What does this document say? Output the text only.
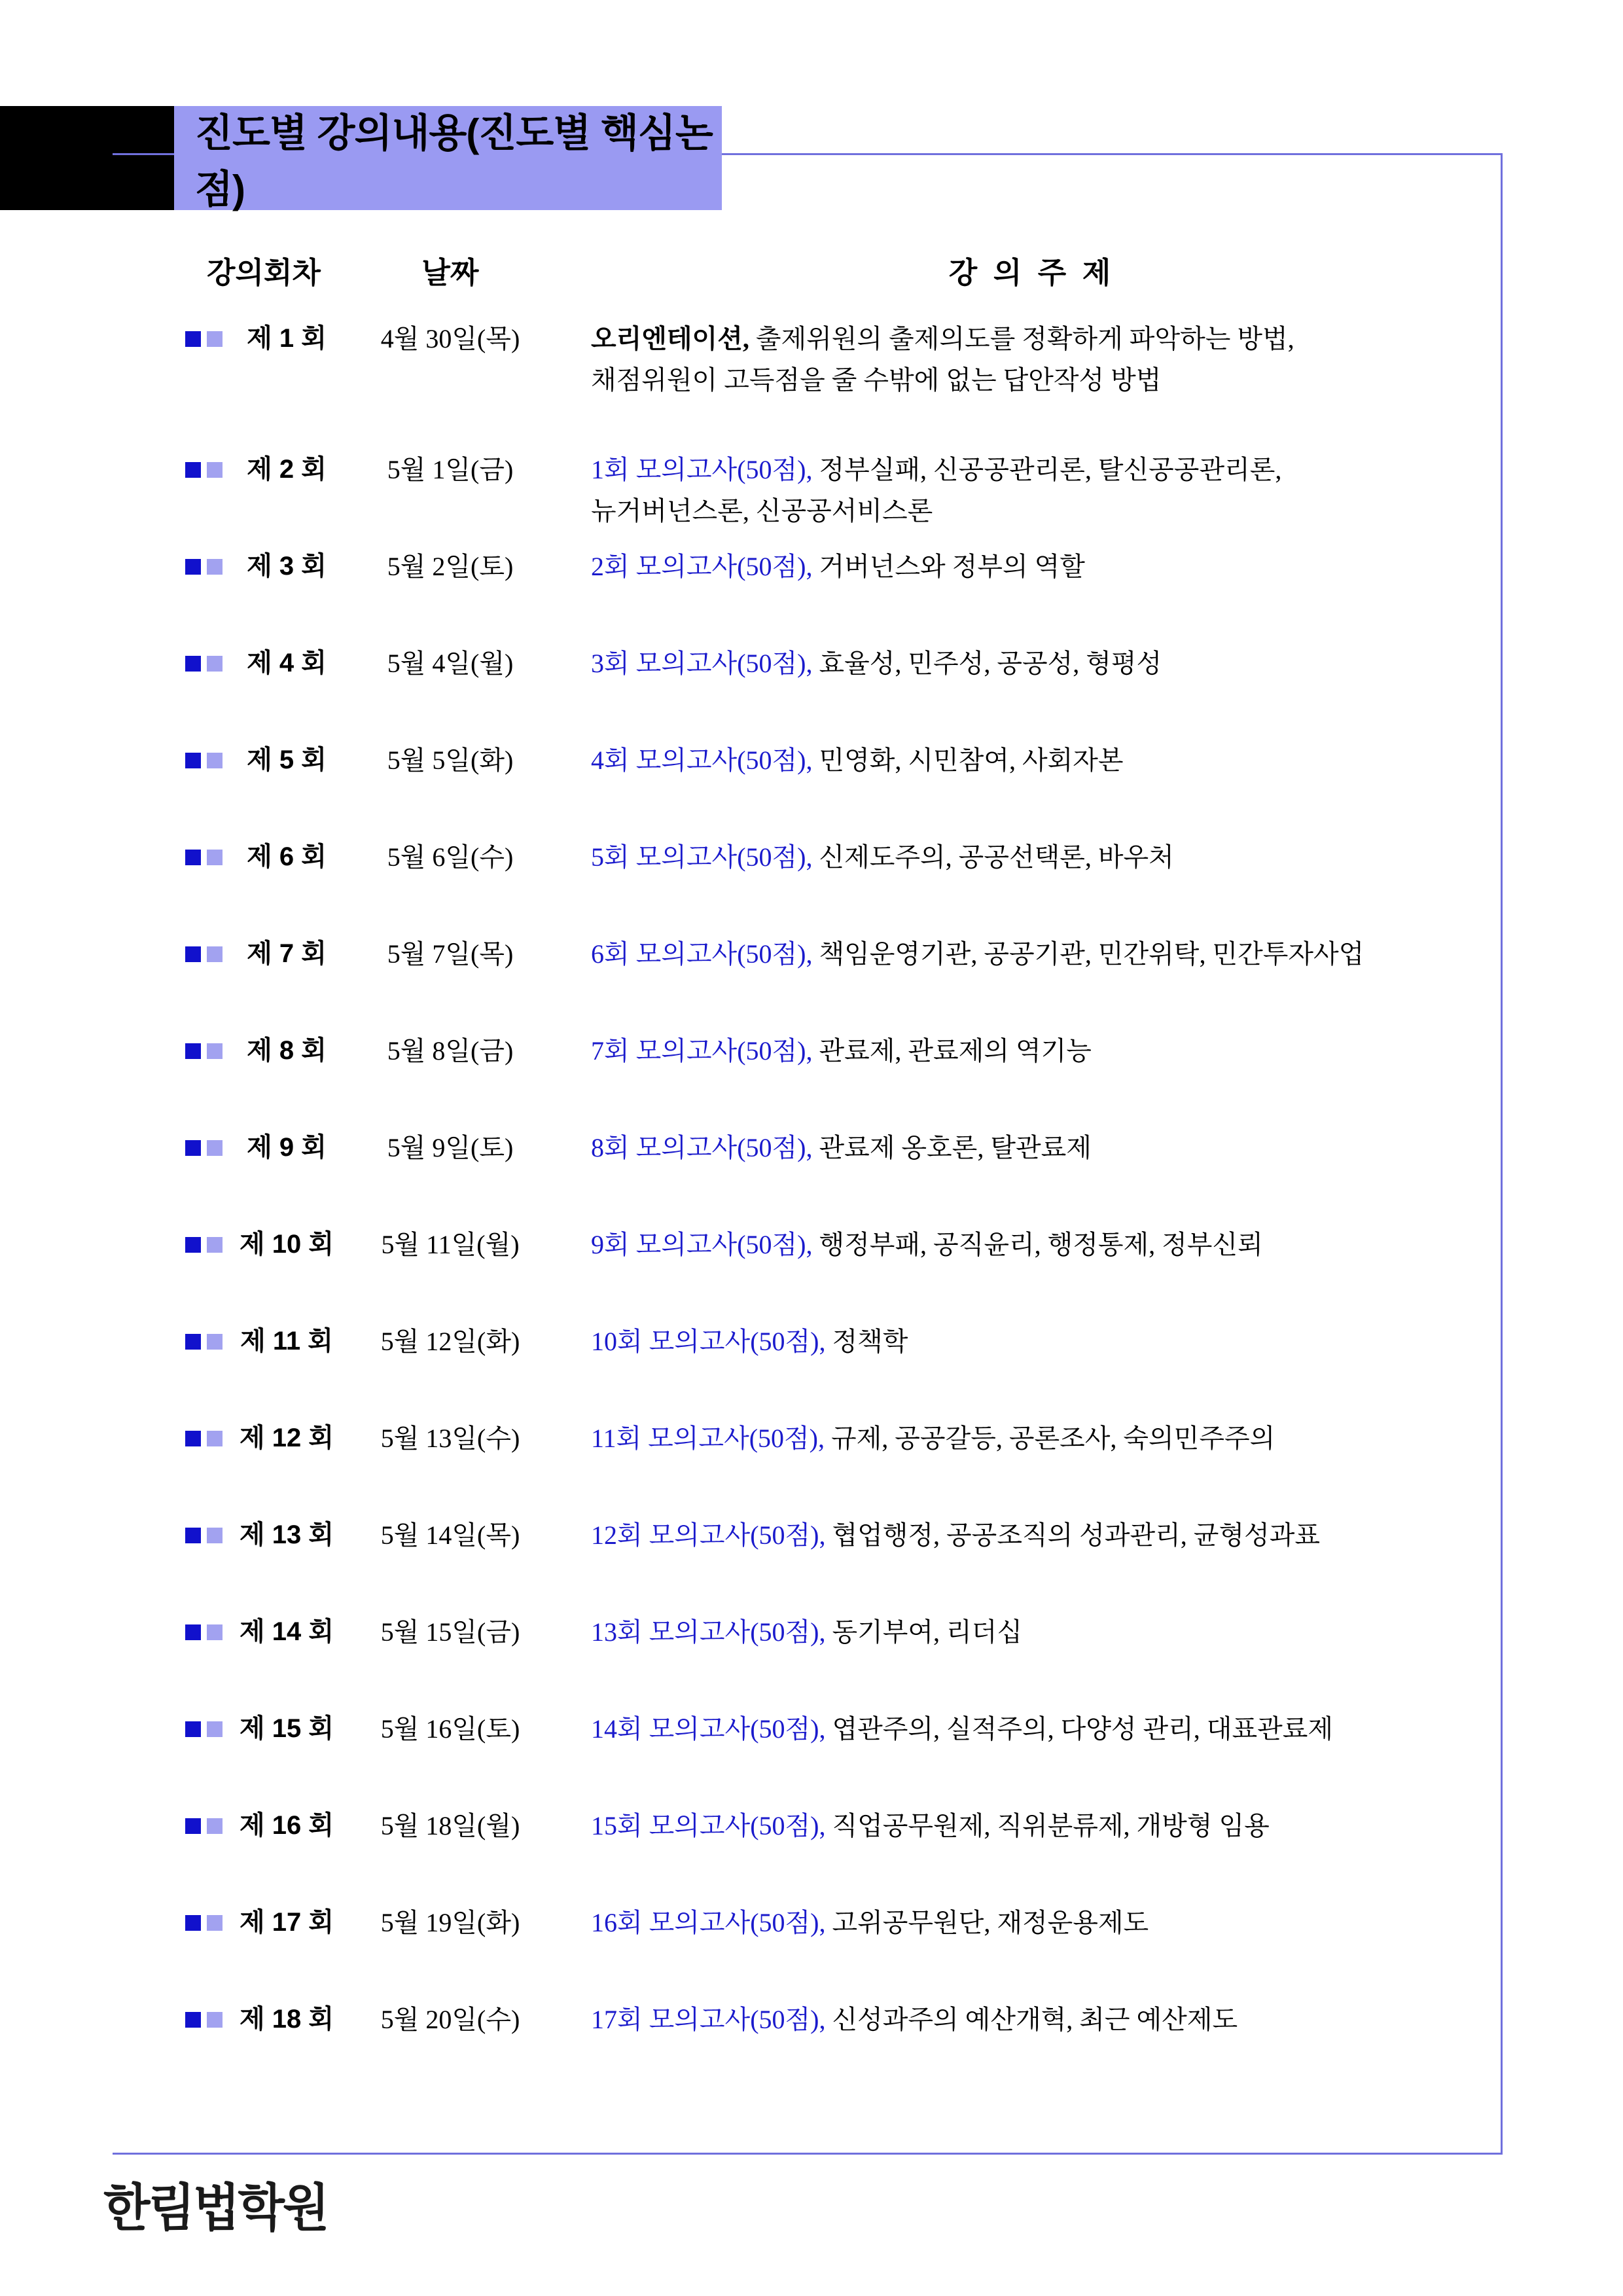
진도별 강의내용(진도별 핵심논점)
강의회차	날짜	강 의 주 제
제 1 회	4월 30일(목)	오리엔테이션, 출제위원의 출제의도를 정확하게 파악하는 방법,
채점위원이 고득점을 줄 수밖에 없는 답안작성 방법
제 2 회	5월 1일(금)	1회 모의고사(50점), 정부실패, 신공공관리론, 탈신공공관리론,
뉴거버넌스론, 신공공서비스론
제 3 회	5월 2일(토)	2회 모의고사(50점), 거버넌스와 정부의 역할
제 4 회	5월 4일(월)	3회 모의고사(50점), 효율성, 민주성, 공공성, 형평성
제 5 회	5월 5일(화)	4회 모의고사(50점), 민영화, 시민참여, 사회자본
제 6 회	5월 6일(수)	5회 모의고사(50점), 신제도주의, 공공선택론, 바우처
제 7 회	5월 7일(목)	6회 모의고사(50점), 책임운영기관, 공공기관, 민간위탁, 민간투자사업
제 8 회	5월 8일(금)	7회 모의고사(50점), 관료제, 관료제의 역기능
제 9 회	5월 9일(토)	8회 모의고사(50점), 관료제 옹호론, 탈관료제
제 10 회	5월 11일(월)	9회 모의고사(50점), 행정부패, 공직윤리, 행정통제, 정부신뢰
제 11 회	5월 12일(화)	10회 모의고사(50점), 정책학
제 12 회	5월 13일(수)	11회 모의고사(50점), 규제, 공공갈등, 공론조사, 숙의민주주의
제 13 회	5월 14일(목)	12회 모의고사(50점), 협업행정, 공공조직의 성과관리, 균형성과표
제 14 회	5월 15일(금)	13회 모의고사(50점), 동기부여, 리더십
제 15 회	5월 16일(토)	14회 모의고사(50점), 엽관주의, 실적주의, 다양성 관리, 대표관료제
제 16 회	5월 18일(월)	15회 모의고사(50점), 직업공무원제, 직위분류제, 개방형 임용
제 17 회	5월 19일(화)	16회 모의고사(50점), 고위공무원단, 재정운용제도
제 18 회	5월 20일(수)	17회 모의고사(50점), 신성과주의 예산개혁, 최근 예산제도
한림법학원
